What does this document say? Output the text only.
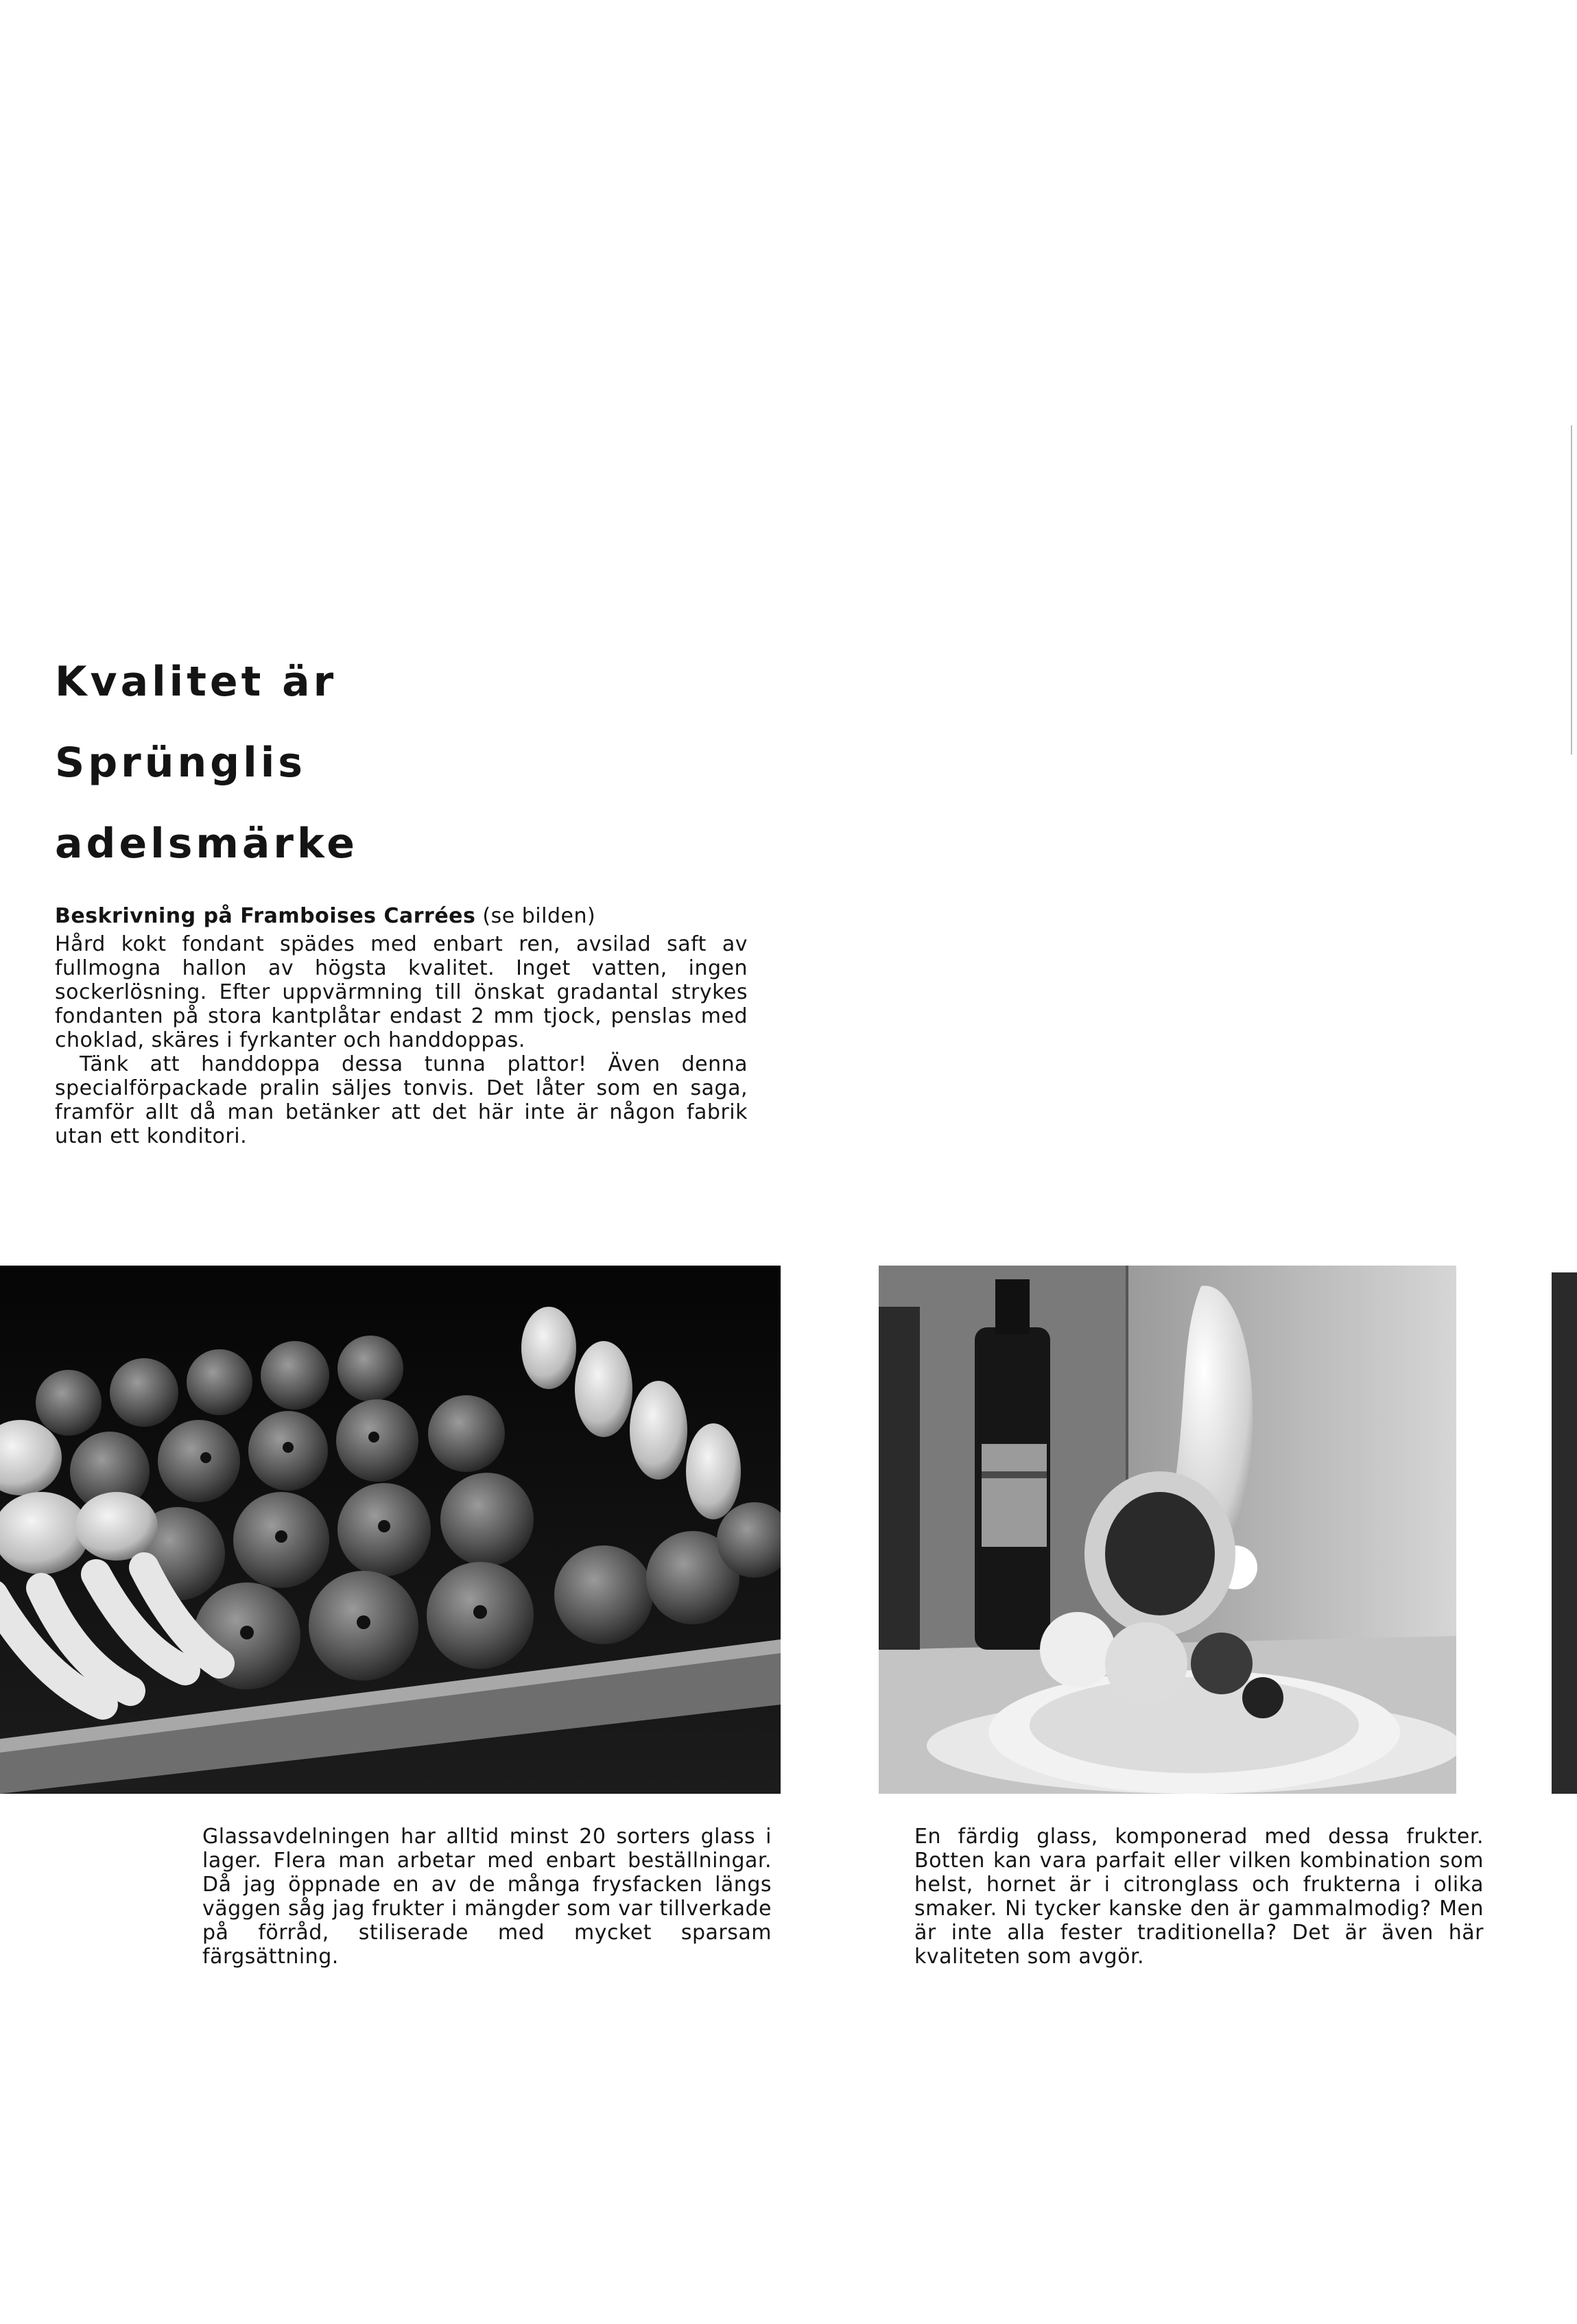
Kvalitet är
Sprünglis
adelsmärke

Beskrivning på Framboises Carrées (se bilden)

Hård kokt fondant spädes med enbart ren, avsilad saft av fullmogna hallon av högsta kvalitet. Inget vatten, ingen sockerlösning. Efter uppvärmning till önskat gradantal strykes fondanten på stora kantplåtar endast 2 mm tjock, penslas med choklad, skäres i fyrkanter och handdoppas.

Tänk att handdoppa dessa tunna plattor! Även denna specialförpackade pralin säljes tonvis. Det låter som en saga, framför allt då man betänker att det här inte är någon fabrik utan ett konditori.

Glassavdelningen har alltid minst 20 sorters glass i lager. Flera man arbetar med enbart beställningar. Då jag öppnade en av de många frysfacken längs väggen såg jag frukter i mängder som var tillverkade på förråd, stiliserade med mycket sparsam färgsättning.

En färdig glass, komponerad med dessa frukter. Botten kan vara parfait eller vilken kombination som helst, hornet är i citronglass och frukterna i olika smaker. Ni tycker kanske den är gammalmodig? Men är inte alla fester traditionella? Det är även här kvaliteten som avgör.
